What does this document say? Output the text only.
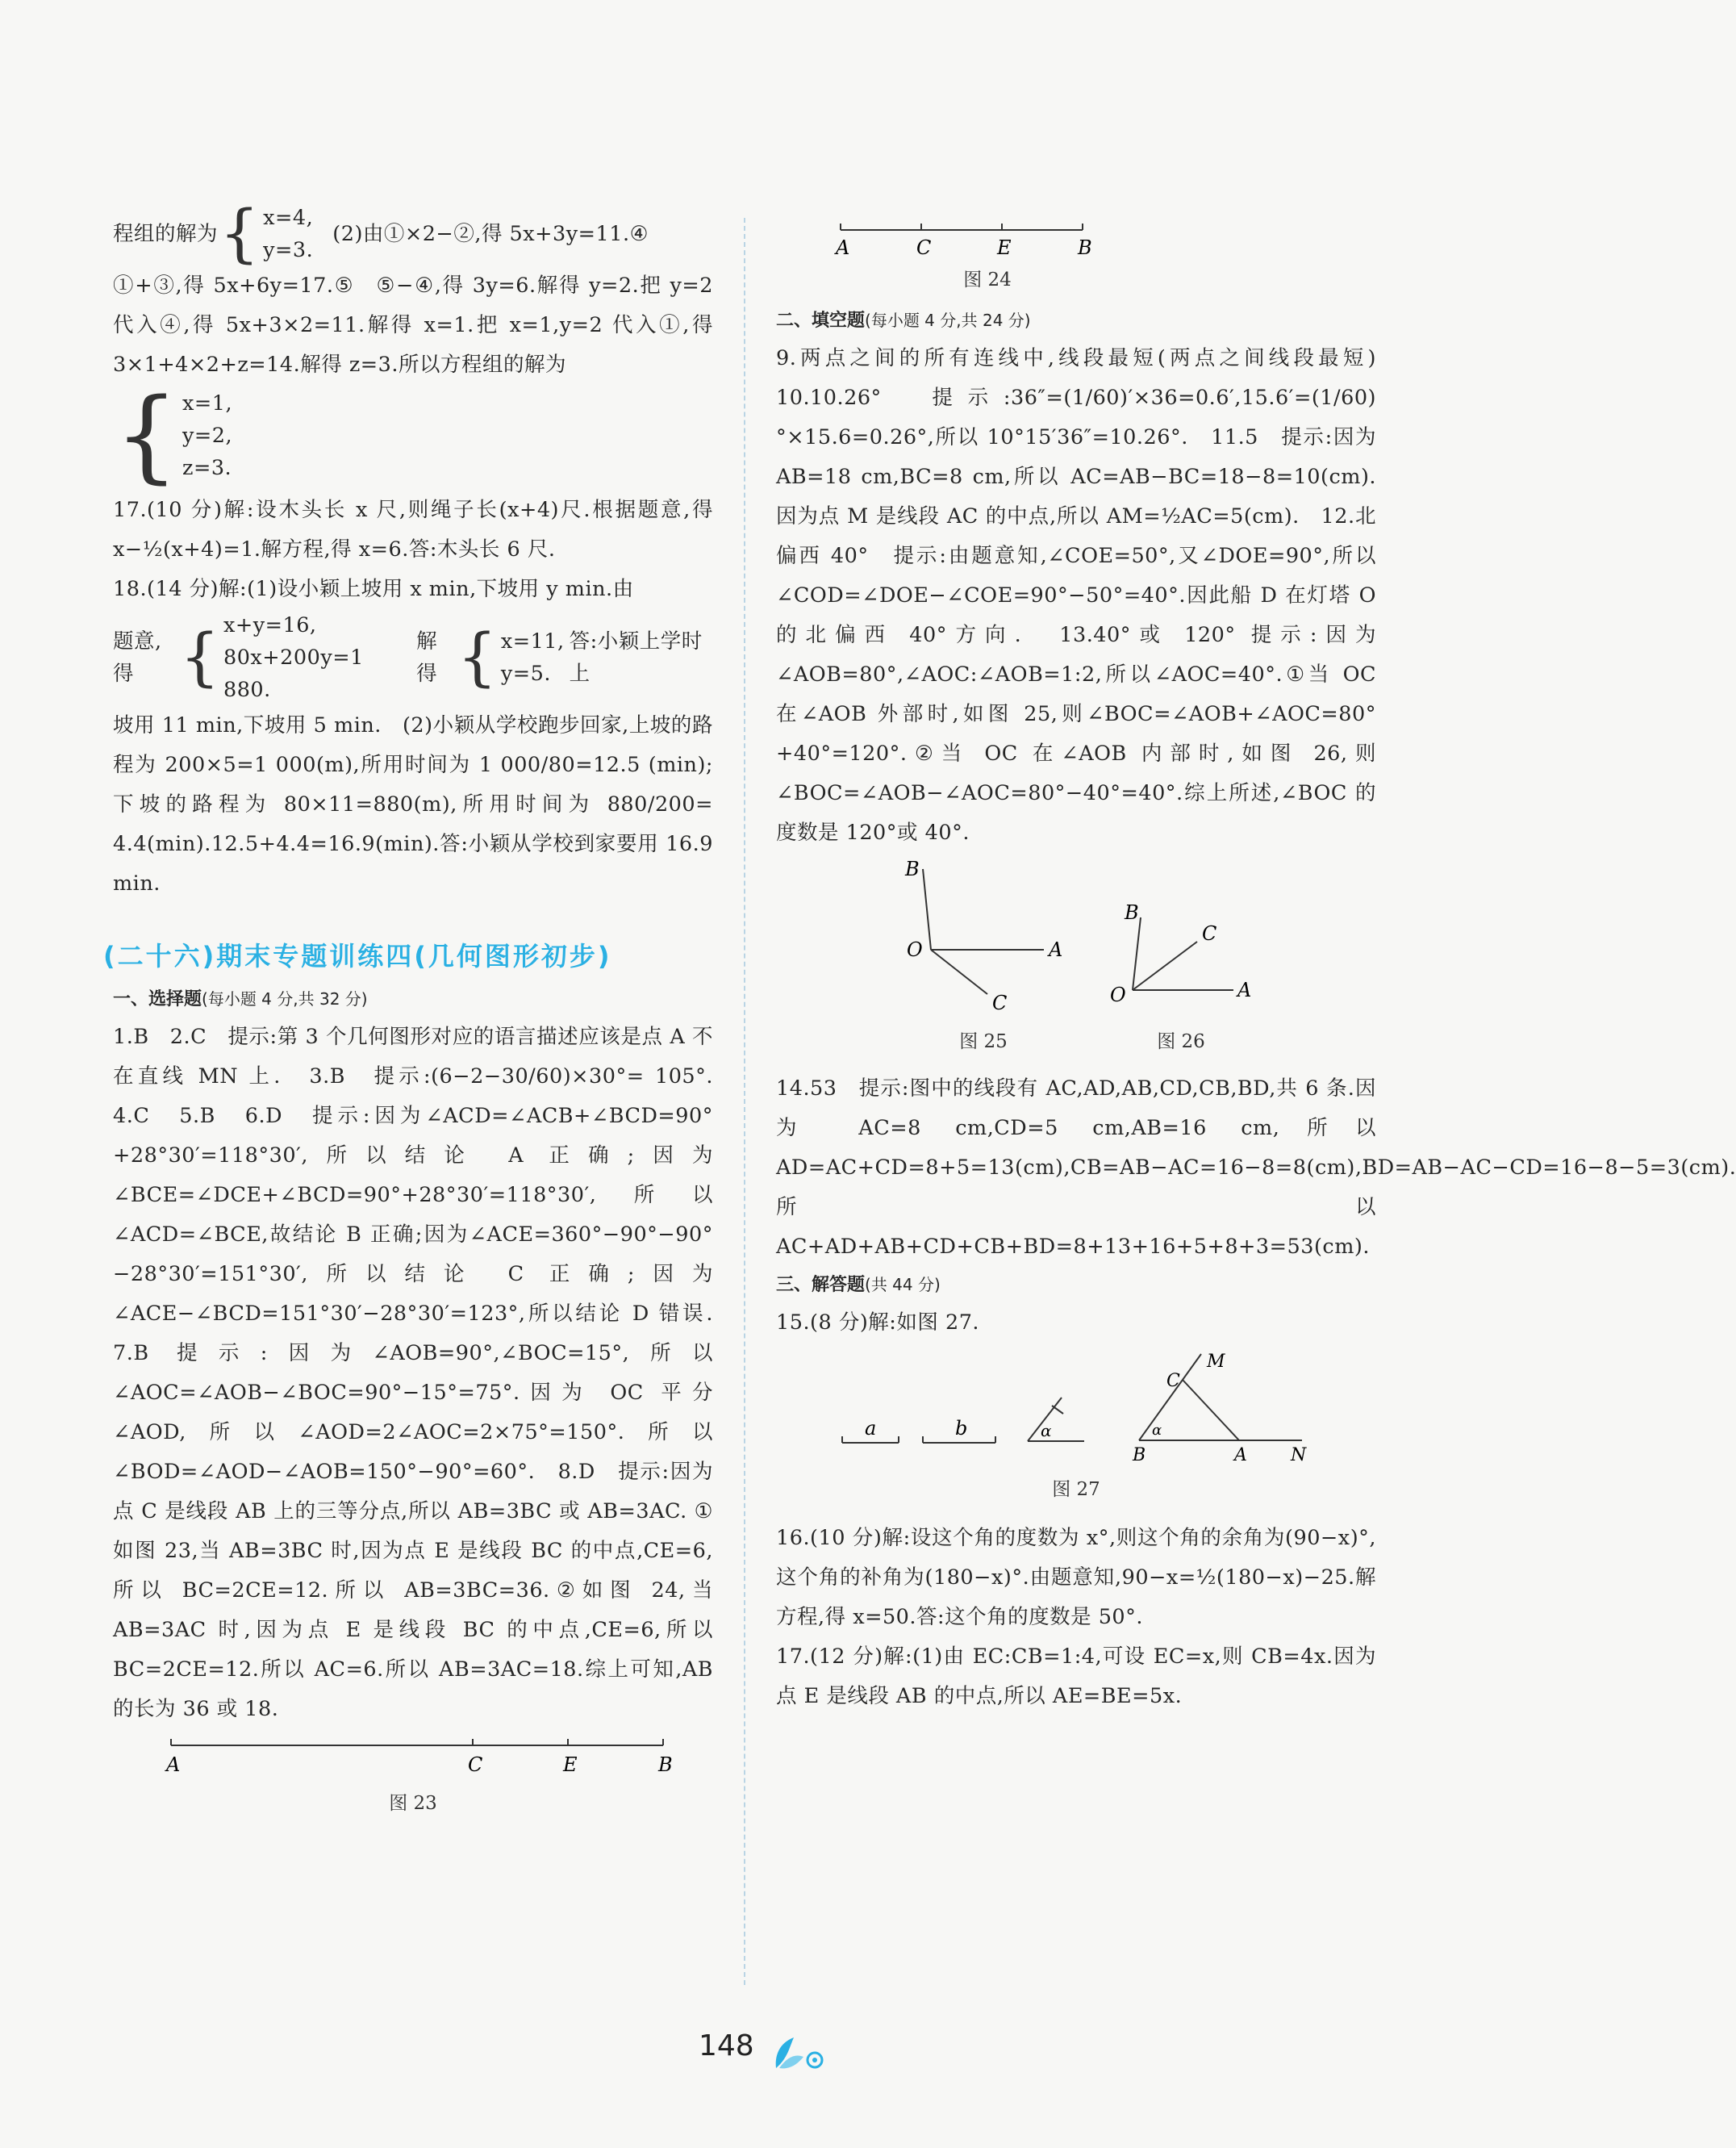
程组的解为 { x=4,
y=3.
(2)由①×2−②,得 5x+3y=11.④

①+③,得 5x+6y=17.⑤　⑤−④,得 3y=6.解得 y=2.把 y=2 代入④,得 5x+3×2=11.解得 x=1.把 x=1,y=2 代入①,得 3×1+4×2+z=14.解得 z=3.所以方程组的解为

{ x=1,
y=2,
z=3.

17.(10 分)解:设木头长 x 尺,则绳子长(x+4)尺.根据题意,得 x−½(x+4)=1.解方程,得 x=6.答:木头长 6 尺.

18.(14 分)解:(1)设小颖上坡用 x min,下坡用 y min.由

题意,得 { x+y=16,
80x+200y=1 880.
解得 { x=11,
y=5.
答:小颖上学时上

坡用 11 min,下坡用 5 min.　(2)小颖从学校跑步回家,上坡的路程为 200×5=1 000(m),所用时间为 1 000/80=12.5 (min);下坡的路程为 80×11=880(m),所用时间为 880/200= 4.4(min).12.5+4.4=16.9(min).答:小颖从学校到家要用 16.9 min.

(二十六)期末专题训练四(几何图形初步)
一、选择题(每小题 4 分,共 32 分)

1.B　2.C　提示:第 3 个几何图形对应的语言描述应该是点 A 不在直线 MN 上.　3.B　提示:(6−2−30/60)×30°= 105°.　4.C　5.B　6.D　提示:因为∠ACD=∠ACB+∠BCD=90°+28°30′=118°30′,所以结论 A 正确;因为∠BCE=∠DCE+∠BCD=90°+28°30′=118°30′,所以∠ACD=∠BCE,故结论 B 正确;因为∠ACE=360°−90°−90°−28°30′=151°30′,所以结论 C 正确;因为∠ACE−∠BCD=151°30′−28°30′=123°,所以结论 D 错误.　7.B 提示:因为∠AOB=90°,∠BOC=15°,所以∠AOC=∠AOB−∠BOC=90°−15°=75°.因为 OC 平分∠AOD,所以∠AOD=2∠AOC=2×75°=150°.所以∠BOD=∠AOD−∠AOB=150°−90°=60°.　8.D　提示:因为点 C 是线段 AB 上的三等分点,所以 AB=3BC 或 AB=3AC. ①如图 23,当 AB=3BC 时,因为点 E 是线段 BC 的中点,CE=6,所以 BC=2CE=12.所以 AB=3BC=36.②如图 24,当 AB=3AC 时,因为点 E 是线段 BC 的中点,CE=6,所以 BC=2CE=12.所以 AC=6.所以 AB=3AC=18.综上可知,AB 的长为 36 或 18.

A	C	E	B
图 23
A	C	E	B
图 24
二、填空题(每小题 4 分,共 24 分)

9.两点之间的所有连线中,线段最短(两点之间线段最短)　10.10.26°　提示:36″=(1/60)′×36=0.6′,15.6′=(1/60)°×15.6=0.26°,所以 10°15′36″=10.26°.　11.5　提示:因为 AB=18 cm,BC=8 cm,所以 AC=AB−BC=18−8=10(cm).因为点 M 是线段 AC 的中点,所以 AM=½AC=5(cm).　12.北偏西 40°　提示:由题意知,∠COE=50°,又∠DOE=90°,所以∠COD=∠DOE−∠COE=90°−50°=40°.因此船 D 在灯塔 O 的北偏西 40°方向.　13.40°或 120° 提示:因为∠AOB=80°,∠AOC:∠AOB=1:2,所以∠AOC=40°.①当 OC 在∠AOB 外部时,如图 25,则∠BOC=∠AOB+∠AOC=80°+40°=120°.②当 OC 在∠AOB 内部时,如图 26,则∠BOC=∠AOB−∠AOC=80°−40°=40°.综上所述,∠BOC 的度数是 120°或 40°.

B
O	A
C
图 25
B
C
O	A
图 26

14.53　提示:图中的线段有 AC,AD,AB,CD,CB,BD,共 6 条.因为 AC=8 cm,CD=5 cm,AB=16 cm,所以 AD=AC+CD=8+5=13(cm),CB=AB−AC=16−8=8(cm),BD=AB−AC−CD=16−8−5=3(cm).所以 AC+AD+AB+CD+CB+BD=8+13+16+5+8+3=53(cm).

三、解答题(共 44 分)

15.(8 分)解:如图 27.

a	b	α
M
C
α
B	A N
图 27

16.(10 分)解:设这个角的度数为 x°,则这个角的余角为(90−x)°,这个角的补角为(180−x)°.由题意知,90−x=½(180−x)−25.解方程,得 x=50.答:这个角的度数是 50°.

17.(12 分)解:(1)由 EC:CB=1:4,可设 EC=x,则 CB=4x.因为点 E 是线段 AB 的中点,所以 AE=BE=5x.

148
